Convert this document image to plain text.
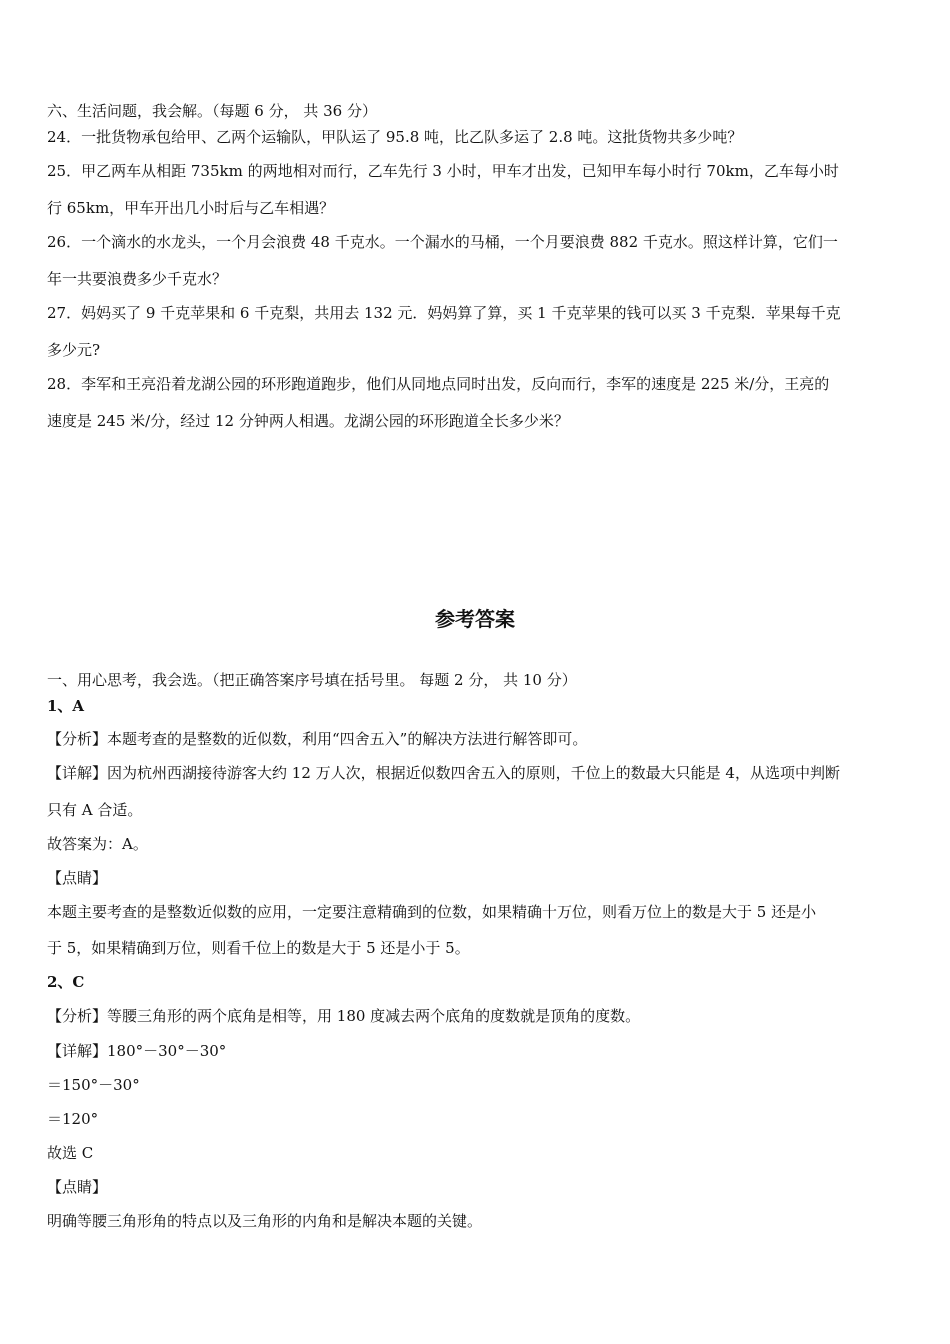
六、生活问题，我会解。（每题 6 分， 共 36 分）
24．一批货物承包给甲、乙两个运输队，甲队运了 95.8 吨，比乙队多运了 2.8 吨。这批货物共多少吨？
25．甲乙两车从相距 735km 的两地相对而行，乙车先行 3 小时，甲车才出发，已知甲车每小时行 70km，乙车每小时
行 65km，甲车开出几小时后与乙车相遇？
26．一个滴水的水龙头，一个月会浪费 48 千克水。一个漏水的马桶，一个月要浪费 882 千克水。照这样计算，它们一
年一共要浪费多少千克水？
27．妈妈买了 9 千克苹果和 6 千克梨，共用去 132 元．妈妈算了算，买 1 千克苹果的钱可以买 3 千克梨．苹果每千克
多少元?
28．李军和王亮沿着龙湖公园的环形跑道跑步，他们从同地点同时出发，反向而行，李军的速度是 225 米/分，王亮的
速度是 245 米/分，经过 12 分钟两人相遇。龙湖公园的环形跑道全长多少米？
参考答案
一、用心思考，我会选。（把正确答案序号填在括号里。 每题 2 分， 共 10 分）
1、A
【分析】本题考查的是整数的近似数，利用“四舍五入”的解决方法进行解答即可。
【详解】因为杭州西湖接待游客大约 12 万人次，根据近似数四舍五入的原则，千位上的数最大只能是 4，从选项中判断
只有 A 合适。
故答案为：A。
【点睛】
本题主要考查的是整数近似数的应用，一定要注意精确到的位数，如果精确十万位，则看万位上的数是大于 5 还是小
于 5，如果精确到万位，则看千位上的数是大于 5 还是小于 5。
2、C
【分析】等腰三角形的两个底角是相等，用 180 度减去两个底角的度数就是顶角的度数。
【详解】180°－30°－30°
＝150°－30°
＝120°
故选 C
【点睛】
明确等腰三角形角的特点以及三角形的内角和是解决本题的关键。
